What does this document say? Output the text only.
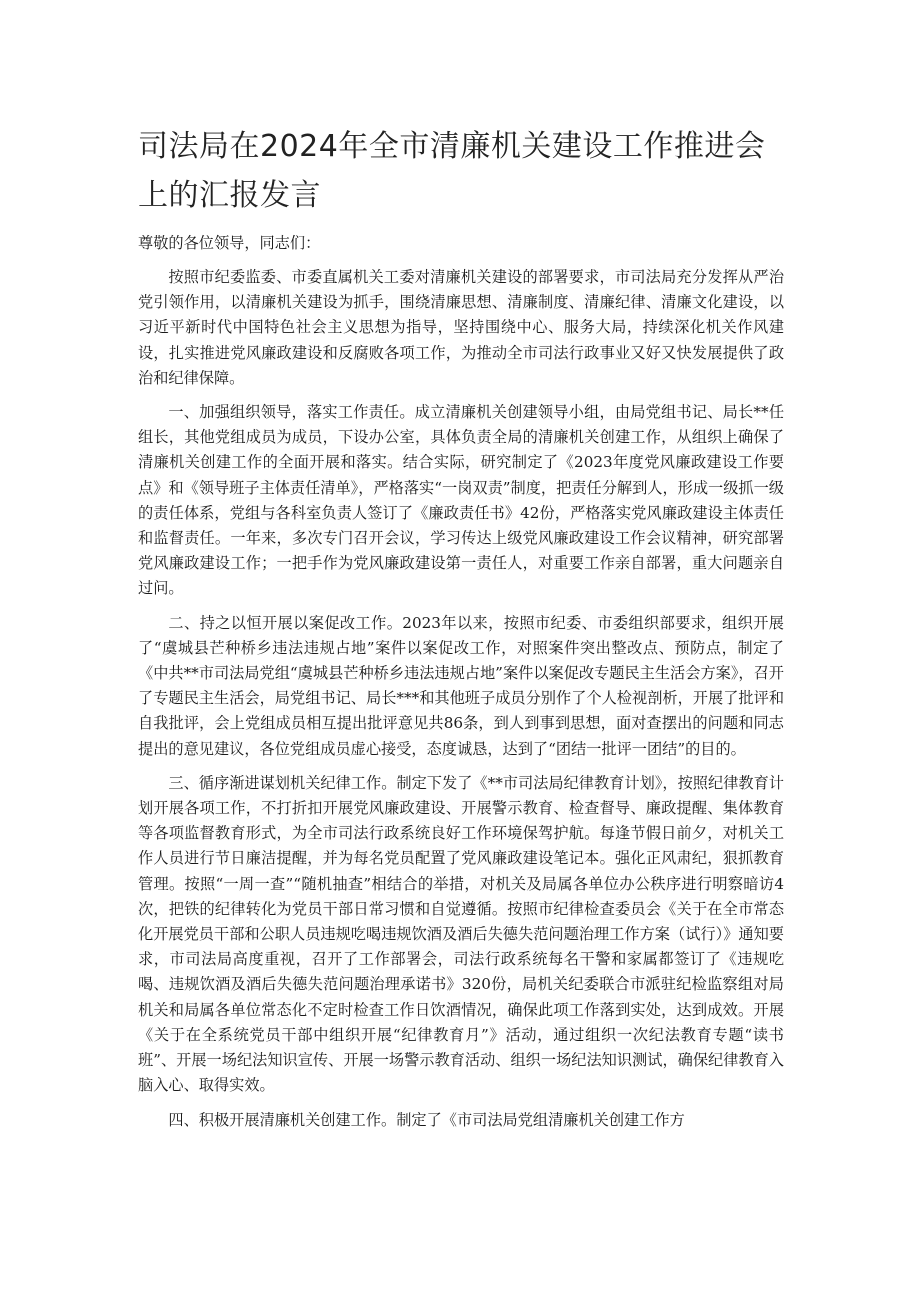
司法局在2024年全市清廉机关建设工作推进会上的汇报发言

尊敬的各位领导，同志们：

按照市纪委监委、市委直属机关工委对清廉机关建设的部署要求，市司法局充分发挥从严治党引领作用，以清廉机关建设为抓手，围绕清廉思想、清廉制度、清廉纪律、清廉文化建设，以习近平新时代中国特色社会主义思想为指导，坚持围绕中心、服务大局，持续深化机关作风建设，扎实推进党风廉政建设和反腐败各项工作，为推动全市司法行政事业又好又快发展提供了政治和纪律保障。

一、加强组织领导，落实工作责任。成立清廉机关创建领导小组，由局党组书记、局长**任组长，其他党组成员为成员，下设办公室，具体负责全局的清廉机关创建工作，从组织上确保了清廉机关创建工作的全面开展和落实。结合实际，研究制定了《2023年度党风廉政建设工作要点》和《领导班子主体责任清单》，严格落实“一岗双责”制度，把责任分解到人，形成一级抓一级的责任体系，党组与各科室负责人签订了《廉政责任书》42份，严格落实党风廉政建设主体责任和监督责任。一年来，多次专门召开会议，学习传达上级党风廉政建设工作会议精神，研究部署党风廉政建设工作；一把手作为党风廉政建设第一责任人，对重要工作亲自部署，重大问题亲自过问。

二、持之以恒开展以案促改工作。2023年以来，按照市纪委、市委组织部要求，组织开展了“虞城县芒种桥乡违法违规占地”案件以案促改工作，对照案件突出整改点、预防点，制定了《中共**市司法局党组“虞城县芒种桥乡违法违规占地”案件以案促改专题民主生活会方案》，召开了专题民主生活会，局党组书记、局长***和其他班子成员分别作了个人检视剖析，开展了批评和自我批评，会上党组成员相互提出批评意见共86条，到人到事到思想，面对查摆出的问题和同志提出的意见建议，各位党组成员虚心接受，态度诚恳，达到了“团结一批评一团结”的目的。

三、循序渐进谋划机关纪律工作。制定下发了《**市司法局纪律教育计划》，按照纪律教育计划开展各项工作，不打折扣开展党风廉政建设、开展警示教育、检查督导、廉政提醒、集体教育等各项监督教育形式，为全市司法行政系统良好工作环境保驾护航。每逢节假日前夕，对机关工作人员进行节日廉洁提醒，并为每名党员配置了党风廉政建设笔记本。强化正风肃纪，狠抓教育管理。按照“一周一查”“随机抽查”相结合的举措，对机关及局属各单位办公秩序进行明察暗访4次，把铁的纪律转化为党员干部日常习惯和自觉遵循。按照市纪律检查委员会《关于在全市常态化开展党员干部和公职人员违规吃喝违规饮酒及酒后失德失范问题治理工作方案（试行）》通知要求，市司法局高度重视，召开了工作部署会，司法行政系统每名干警和家属都签订了《违规吃喝、违规饮酒及酒后失德失范问题治理承诺书》320份，局机关纪委联合市派驻纪检监察组对局机关和局属各单位常态化不定时检查工作日饮酒情况，确保此项工作落到实处，达到成效。开展《关于在全系统党员干部中组织开展“纪律教育月”》活动，通过组织一次纪法教育专题“读书班”、开展一场纪法知识宣传、开展一场警示教育活动、组织一场纪法知识测试，确保纪律教育入脑入心、取得实效。

四、积极开展清廉机关创建工作。制定了《市司法局党组清廉机关创建工作方
